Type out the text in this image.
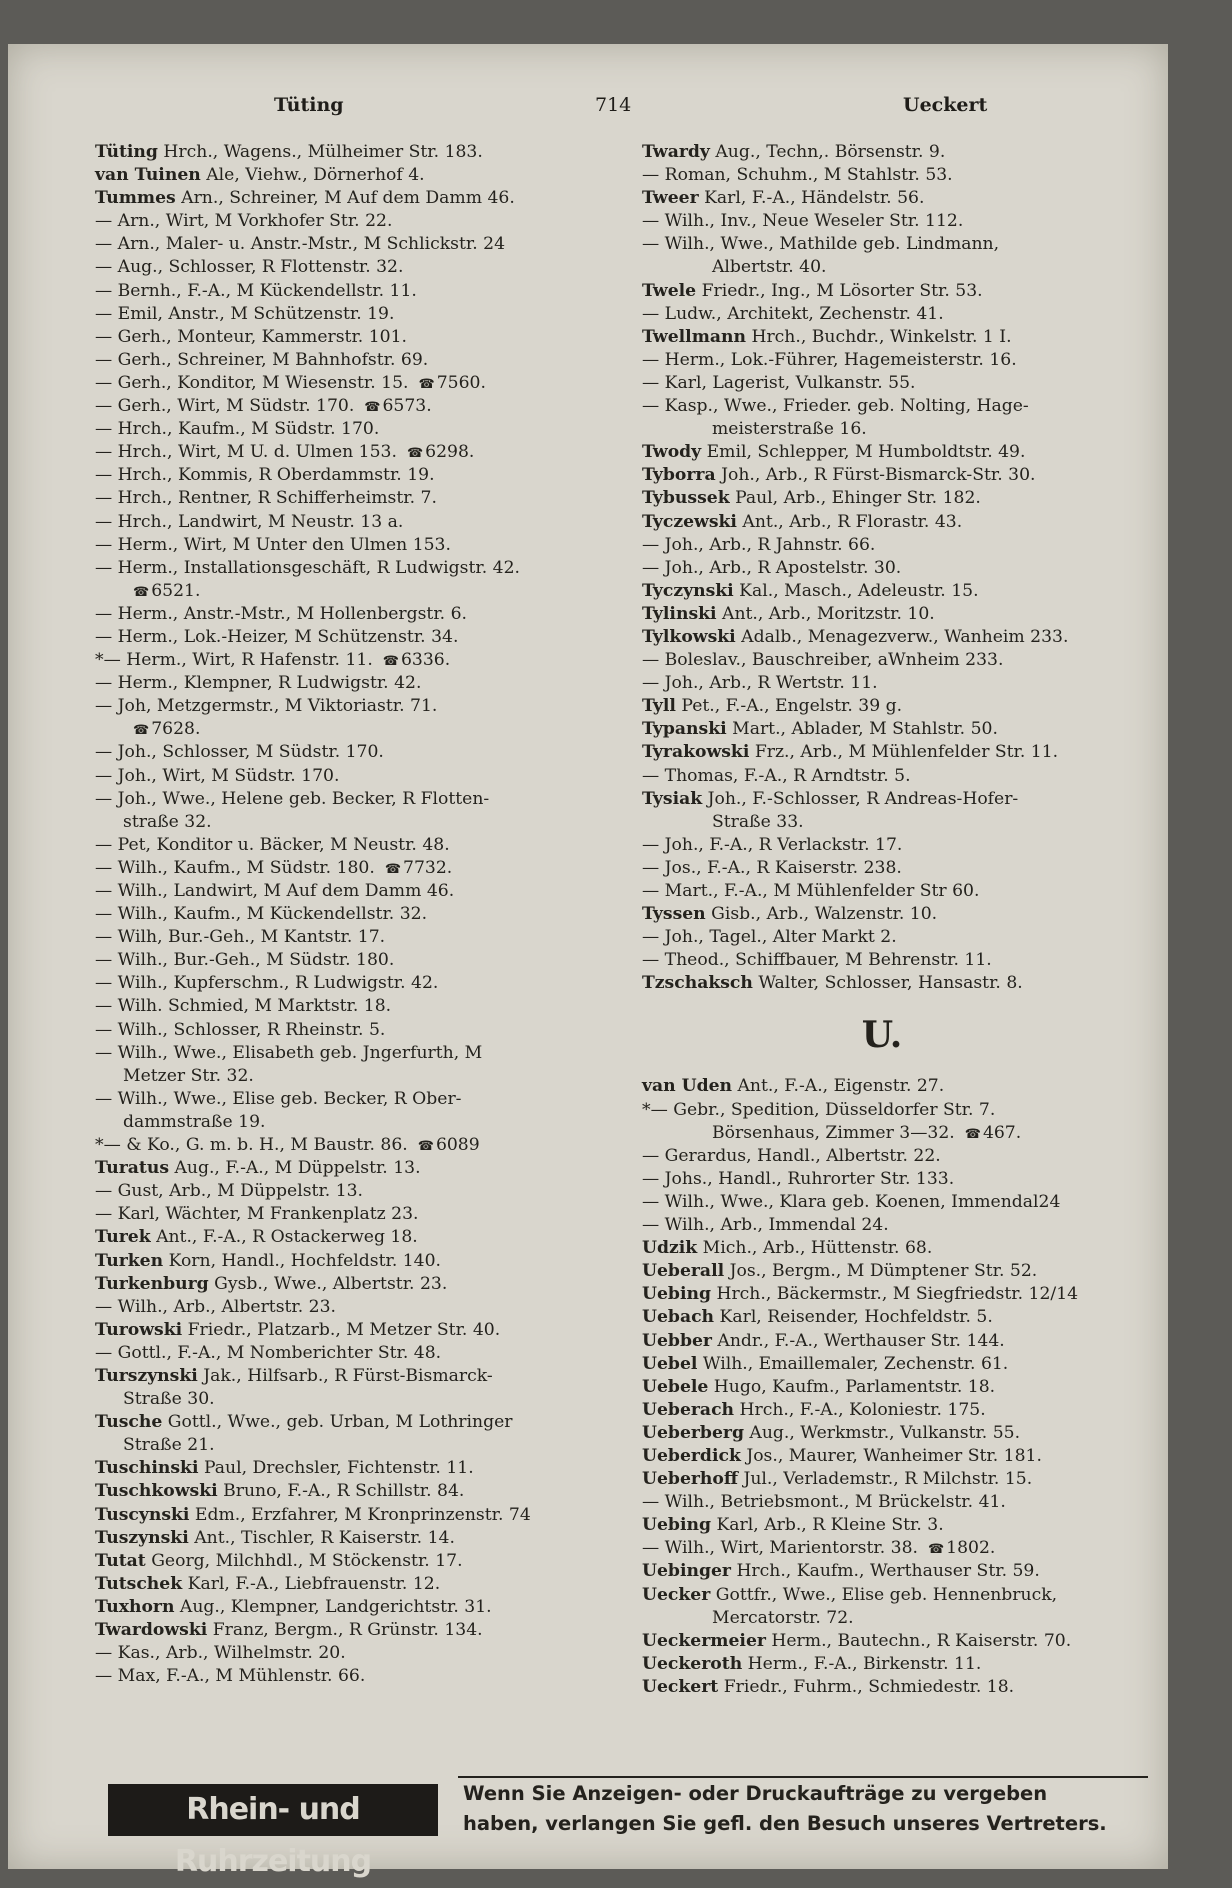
Tüting	714	Ueckert
Tüting Hrch., Wagens., Mülheimer Str. 183.
van Tuinen Ale, Viehw., Dörnerhof 4.
Tummes Arn., Schreiner, M Auf dem Damm 46.
— Arn., Wirt, M Vorkhofer Str. 22.
— Arn., Maler- u. Anstr.-Mstr., M Schlickstr. 24
— Aug., Schlosser, R Flottenstr. 32.
— Bernh., F.-A., M Kückendellstr. 11.
— Emil, Anstr., M Schützenstr. 19.
— Gerh., Monteur, Kammerstr. 101.
— Gerh., Schreiner, M Bahnhofstr. 69.
— Gerh., Konditor, M Wiesenstr. 15. ☎ 7560.
— Gerh., Wirt, M Südstr. 170. ☎ 6573.
— Hrch., Kaufm., M Südstr. 170.
— Hrch., Wirt, M U. d. Ulmen 153. ☎ 6298.
— Hrch., Kommis, R Oberdammstr. 19.
— Hrch., Rentner, R Schifferheimstr. 7.
— Hrch., Landwirt, M Neustr. 13 a.
— Herm., Wirt, M Unter den Ulmen 153.
— Herm., Installationsgeschäft, R Ludwigstr. 42.
☎ 6521.
— Herm., Anstr.-Mstr., M Hollenbergstr. 6.
— Herm., Lok.-Heizer, M Schützenstr. 34.
*— Herm., Wirt, R Hafenstr. 11. ☎ 6336.
— Herm., Klempner, R Ludwigstr. 42.
— Joh, Metzgermstr., M Viktoriastr. 71.
☎ 7628.
— Joh., Schlosser, M Südstr. 170.
— Joh., Wirt, M Südstr. 170.
— Joh., Wwe., Helene geb. Becker, R Flotten-
straße 32.
— Pet, Konditor u. Bäcker, M Neustr. 48.
— Wilh., Kaufm., M Südstr. 180. ☎ 7732.
— Wilh., Landwirt, M Auf dem Damm 46.
— Wilh., Kaufm., M Kückendellstr. 32.
— Wilh, Bur.-Geh., M Kantstr. 17.
— Wilh., Bur.-Geh., M Südstr. 180.
— Wilh., Kupferschm., R Ludwigstr. 42.
— Wilh. Schmied, M Marktstr. 18.
— Wilh., Schlosser, R Rheinstr. 5.
— Wilh., Wwe., Elisabeth geb. Jngerfurth, M
Metzer Str. 32.
— Wilh., Wwe., Elise geb. Becker, R Ober-
dammstraße 19.
*— & Ko., G. m. b. H., M Baustr. 86. ☎ 6089
Turatus Aug., F.-A., M Düppelstr. 13.
— Gust, Arb., M Düppelstr. 13.
— Karl, Wächter, M Frankenplatz 23.
Turek Ant., F.-A., R Ostackerweg 18.
Turken Korn, Handl., Hochfeldstr. 140.
Turkenburg Gysb., Wwe., Albertstr. 23.
— Wilh., Arb., Albertstr. 23.
Turowski Friedr., Platzarb., M Metzer Str. 40.
— Gottl., F.-A., M Nomberichter Str. 48.
Turszynski Jak., Hilfsarb., R Fürst-Bismarck-
Straße 30.
Tusche Gottl., Wwe., geb. Urban, M Lothringer
Straße 21.
Tuschinski Paul, Drechsler, Fichtenstr. 11.
Tuschkowski Bruno, F.-A., R Schillstr. 84.
Tuscynski Edm., Erzfahrer, M Kronprinzenstr. 74
Tuszynski Ant., Tischler, R Kaiserstr. 14.
Tutat Georg, Milchhdl., M Stöckenstr. 17.
Tutschek Karl, F.-A., Liebfrauenstr. 12.
Tuxhorn Aug., Klempner, Landgerichtstr. 31.
Twardowski Franz, Bergm., R Grünstr. 134.
— Kas., Arb., Wilhelmstr. 20.
— Max, F.-A., M Mühlenstr. 66.
Twardy Aug., Techn,. Börsenstr. 9.
— Roman, Schuhm., M Stahlstr. 53.
Tweer Karl, F.-A., Händelstr. 56.
— Wilh., Inv., Neue Weseler Str. 112.
— Wilh., Wwe., Mathilde geb. Lindmann,
Albertstr. 40.
Twele Friedr., Ing., M Lösorter Str. 53.
— Ludw., Architekt, Zechenstr. 41.
Twellmann Hrch., Buchdr., Winkelstr. 1 I.
— Herm., Lok.-Führer, Hagemeisterstr. 16.
— Karl, Lagerist, Vulkanstr. 55.
— Kasp., Wwe., Frieder. geb. Nolting, Hage-
meisterstraße 16.
Twody Emil, Schlepper, M Humboldtstr. 49.
Tyborra Joh., Arb., R Fürst-Bismarck-Str. 30.
Tybussek Paul, Arb., Ehinger Str. 182.
Tyczewski Ant., Arb., R Florastr. 43.
— Joh., Arb., R Jahnstr. 66.
— Joh., Arb., R Apostelstr. 30.
Tyczynski Kal., Masch., Adeleustr. 15.
Tylinski Ant., Arb., Moritzstr. 10.
Tylkowski Adalb., Menagezverw., Wanheim 233.
— Boleslav., Bauschreiber, aWnheim 233.
— Joh., Arb., R Wertstr. 11.
Tyll Pet., F.-A., Engelstr. 39 g.
Typanski Mart., Ablader, M Stahlstr. 50.
Tyrakowski Frz., Arb., M Mühlenfelder Str. 11.
— Thomas, F.-A., R Arndtstr. 5.
Tysiak Joh., F.-Schlosser, R Andreas-Hofer-
Straße 33.
— Joh., F.-A., R Verlackstr. 17.
— Jos., F.-A., R Kaiserstr. 238.
— Mart., F.-A., M Mühlenfelder Str 60.
Tyssen Gisb., Arb., Walzenstr. 10.
— Joh., Tagel., Alter Markt 2.
— Theod., Schiffbauer, M Behrenstr. 11.
Tzschaksch Walter, Schlosser, Hansastr. 8.
U.
van Uden Ant., F.-A., Eigenstr. 27.
*— Gebr., Spedition, Düsseldorfer Str. 7.
Börsenhaus, Zimmer 3—32. ☎ 467.
— Gerardus, Handl., Albertstr. 22.
— Johs., Handl., Ruhrorter Str. 133.
— Wilh., Wwe., Klara geb. Koenen, Immendal24
— Wilh., Arb., Immendal 24.
Udzik Mich., Arb., Hüttenstr. 68.
Ueberall Jos., Bergm., M Dümptener Str. 52.
Uebing Hrch., Bäckermstr., M Siegfriedstr. 12/14
Uebach Karl, Reisender, Hochfeldstr. 5.
Uebber Andr., F.-A., Werthauser Str. 144.
Uebel Wilh., Emaillemaler, Zechenstr. 61.
Uebele Hugo, Kaufm., Parlamentstr. 18.
Ueberach Hrch., F.-A., Koloniestr. 175.
Ueberberg Aug., Werkmstr., Vulkanstr. 55.
Ueberdick Jos., Maurer, Wanheimer Str. 181.
Ueberhoff Jul., Verlademstr., R Milchstr. 15.
— Wilh., Betriebsmont., M Brückelstr. 41.
Uebing Karl, Arb., R Kleine Str. 3.
— Wilh., Wirt, Marientorstr. 38. ☎ 1802.
Uebinger Hrch., Kaufm., Werthauser Str. 59.
Uecker Gottfr., Wwe., Elise geb. Hennenbruck,
Mercatorstr. 72.
Ueckermeier Herm., Bautechn., R Kaiserstr. 70.
Ueckeroth Herm., F.-A., Birkenstr. 11.
Ueckert Friedr., Fuhrm., Schmiedestr. 18.
Rhein- und Ruhrzeitung
Wenn Sie Anzeigen- oder Druckaufträge zu vergeben
haben, verlangen Sie gefl. den Besuch unseres Vertreters.
